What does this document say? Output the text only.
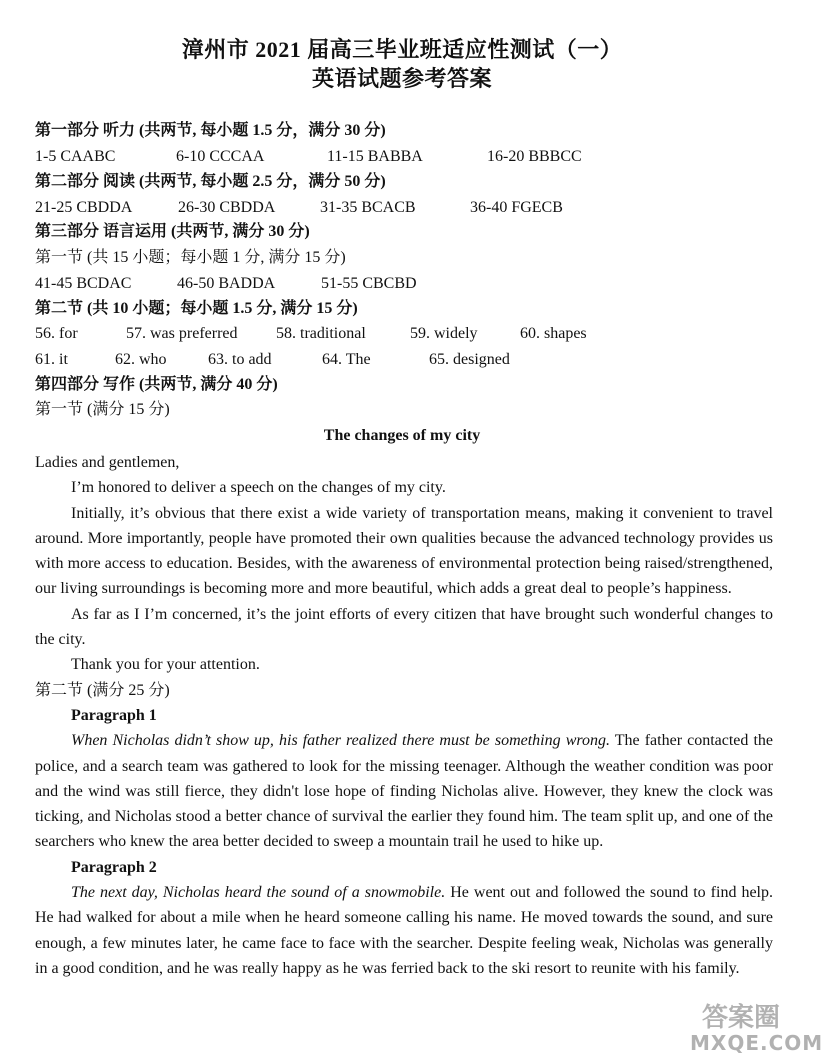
漳州市 2021 届高三毕业班适应性测试（一）
英语试题参考答案
第一部分 听力 (共两节, 每小题 1.5 分，满分 30 分)
1-5 CAABC	6-10 CCCAA	11-15 BABBA	16-20 BBBCC
第二部分 阅读 (共两节, 每小题 2.5 分，满分 50 分)
21-25 CBDDA	26-30 CBDDA	31-35 BCACB	36-40 FGECB
第三部分 语言运用 (共两节, 满分 30 分)
第一节 (共 15 小题；每小题 1 分, 满分 15 分)
41-45 BCDAC	46-50 BADDA	51-55 CBCBD
第二节 (共 10 小题；每小题 1.5 分, 满分 15 分)
56. for	57. was preferred 58. traditional	59. widely	60. shapes
61. it	62. who	63. to add	64. The	65. designed
第四部分 写作 (共两节, 满分 40 分)
第一节 (满分 15 分)
The changes of my city

Ladies and gentlemen,

I’m honored to deliver a speech on the changes of my city.

Initially, it’s obvious that there exist a wide variety of transportation means, making it convenient to travel around. More importantly, people have promoted their own qualities because the advanced technology provides us with more access to education. Besides, with the awareness of environmental protection being raised/strengthened, our living surroundings is becoming more and more beautiful, which adds a great deal to people’s happiness.

As far as I I’m concerned, it’s the joint efforts of every citizen that have brought such wonderful changes to the city.

Thank you for your attention.

第二节 (满分 25 分)

Paragraph 1

When Nicholas didn’t show up, his father realized there must be something wrong. The father contacted the police, and a search team was gathered to look for the missing teenager. Although the weather condition was poor and the wind was still fierce, they didn't lose hope of finding Nicholas alive. However, they knew the clock was ticking, and Nicholas stood a better chance of survival the earlier they found him. The team split up, and one of the searchers who knew the area better decided to sweep a mountain trail he used to hike up.

Paragraph 2

The next day, Nicholas heard the sound of a snowmobile. He went out and followed the sound to find help. He had walked for about a mile when he heard someone calling his name. He moved towards the sound, and sure enough, a few minutes later, he came face to face with the searcher. Despite feeling weak, Nicholas was generally in a good condition, and he was really happy as he was ferried back to the ski resort to reunite with his family.

答案圈
MXQE.COM
